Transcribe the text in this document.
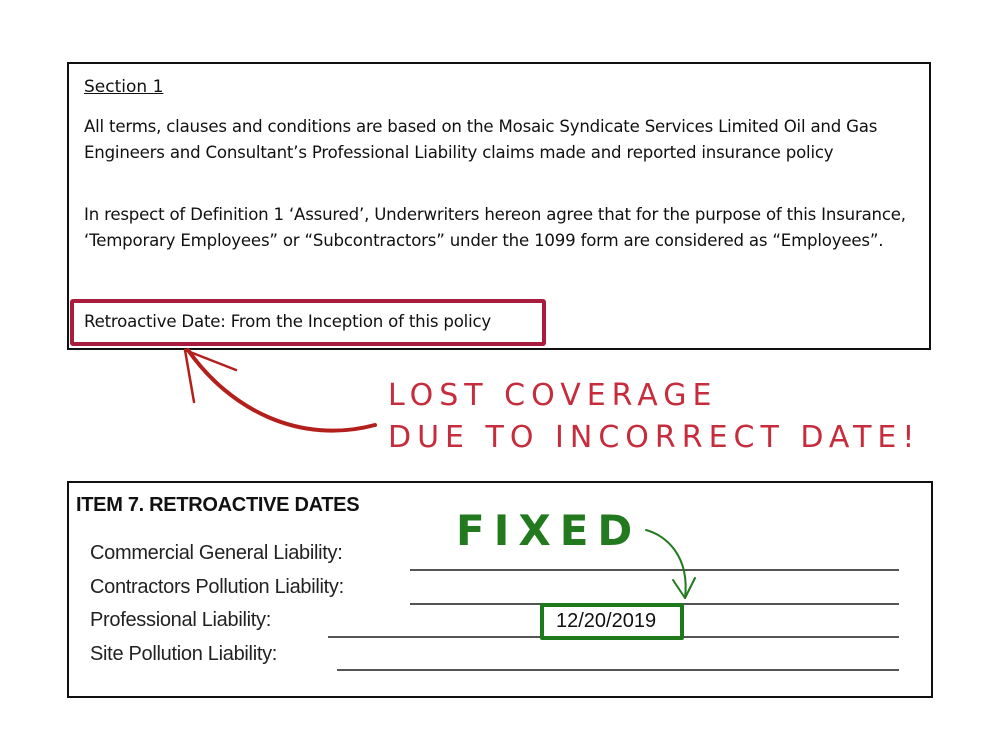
Section 1
All terms, clauses and conditions are based on the Mosaic Syndicate Services Limited Oil and Gas Engineers and Consultant’s Professional Liability claims made and reported insurance policy
In respect of Definition 1 ‘Assured’, Underwriters hereon agree that for the purpose of this Insurance, ‘Temporary Employees” or “Subcontractors” under the 1099 form are considered as “Employees”.
Retroactive Date: From the Inception of this policy
LOST COVERAGE
DUE TO INCORRECT DATE!
ITEM 7. RETROACTIVE DATES
Commercial General Liability:
Contractors Pollution Liability:
Professional Liability:
Site Pollution Liability:
12/20/2019
FIXED
